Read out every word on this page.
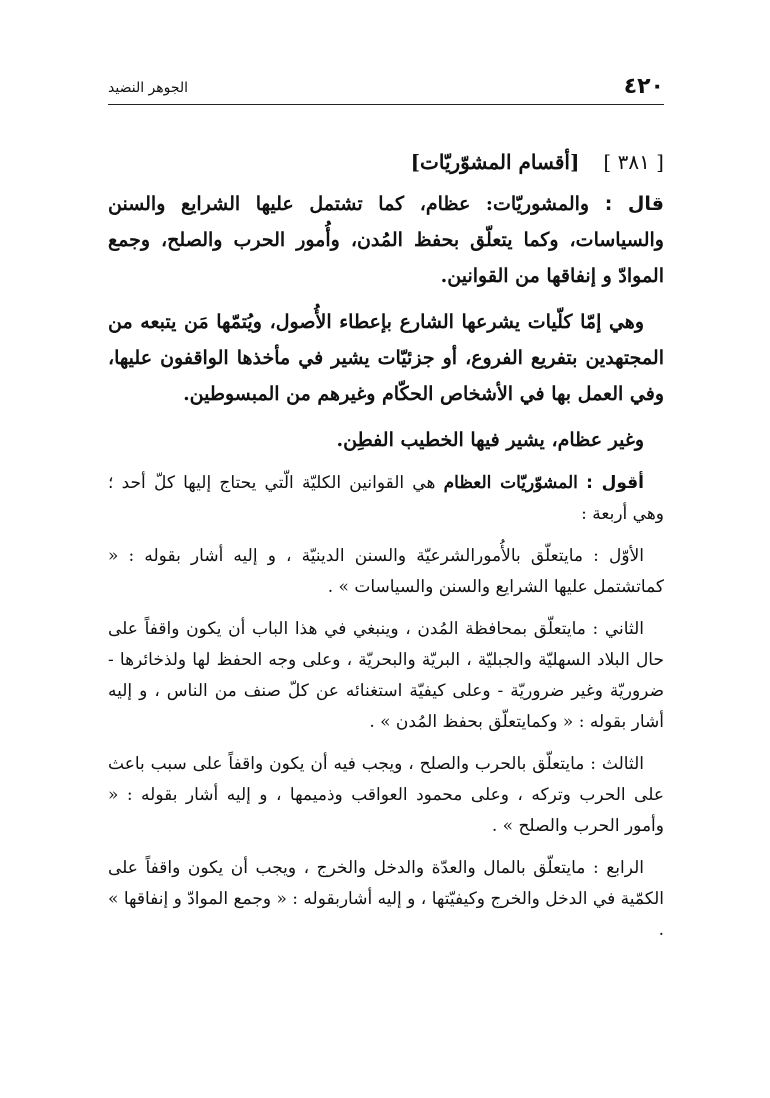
٤٢٠
الجوهر النضيد
[ ٣٨١ ][أقسام المشوّريّات]

قال : والمشوريّات: عظام، كما تشتمل عليها الشرايع والسنن والسياسات، وكما يتعلّق بحفظ المُدن، وأُمور الحرب والصلح، وجمع الموادّ و إنفاقها من القوانين.

وهي إمّا كلّيات يشرعها الشارع بإعطاء الأُصول، ويُتمّها مَن يتبعه من المجتهدين بتفريع الفروع، أو جزئيّات يشير في مأخذها الواقفون عليها، وفي العمل بها في الأشخاص الحكّام وغيرهم من المبسوطين.

وغير عظام، يشير فيها الخطيب الفطِن.

أقول : المشوّريّات العظام هي القوانين الكليّة الّتي يحتاج إليها كلّ أحد ؛ وهي أربعة :

الأوّل : مايتعلّق بالأُمورالشرعيّة والسنن الدينيّة ، و إليه أشار بقوله : « كماتشتمل عليها الشرايع والسنن والسياسات » .

الثاني : مايتعلّق بمحافظة المُدن ، وينبغي في هذا الباب أن يكون واقفاً على حال البلاد السهليّة والجبليّة ، البريّة والبحريّة ، وعلى وجه الحفظ لها ولذخائرها - ضروريّة وغير ضروريّة - وعلى كيفيّة استغنائه عن كلّ صنف من الناس ، و إليه أشار بقوله : « وكمايتعلّق بحفظ المُدن » .

الثالث : مايتعلّق بالحرب والصلح ، ويجب فيه أن يكون واقفاً على سبب باعث على الحرب وتركه ، وعلى محمود العواقب وذميمها ، و إليه أشار بقوله : « وأمور الحرب والصلح » .

الرابع : مايتعلّق بالمال والعدّة والدخل والخرج ، ويجب أن يكون واقفاً على الكمّية في الدخل والخرج وكيفيّتها ، و إليه أشاربقوله : « وجمع الموادّ و إنفاقها » .
